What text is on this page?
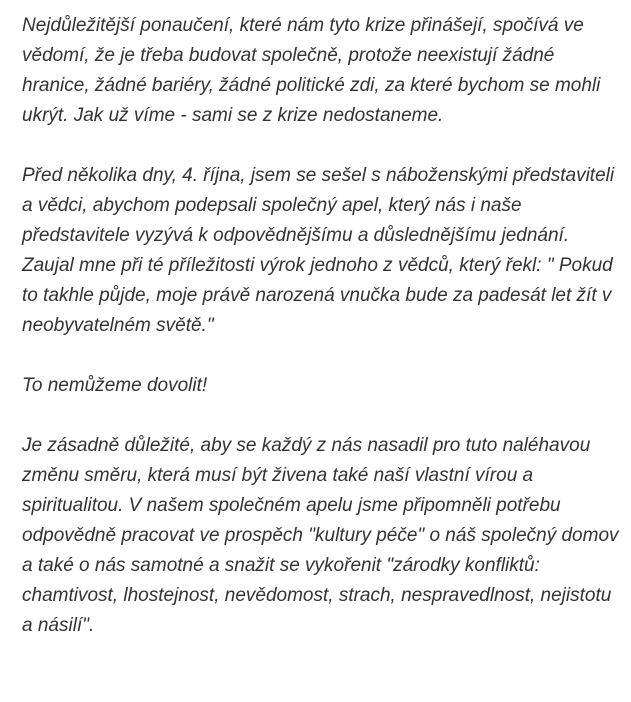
Nejdůležitější ponaučení, které nám tyto krize přinášejí, spočívá ve vědomí, že je třeba budovat společně, protože neexistují žádné hranice, žádné bariéry, žádné politické zdi, za které bychom se mohli ukrýt. Jak už víme - sami se z krize nedostaneme.

Před několika dny, 4. října, jsem se sešel s náboženskými představiteli a vědci, abychom podepsali společný apel, který nás i naše představitele vyzývá k odpovědnějšímu a důslednějšímu jednání. Zaujal mne při té příležitosti výrok jednoho z vědců, který řekl: " Pokud to takhle půjde, moje právě narozená vnučka bude za padesát let žít v neobyvatelném světě."

To nemůžeme dovolit!

Je zásadně důležité, aby se každý z nás nasadil pro tuto naléhavou změnu směru, která musí být živena také naší vlastní vírou a spiritualitou. V našem společném apelu jsme připomněli potřebu odpovědně pracovat ve prospěch "kultury péče" o náš společný domov a také o nás samotné a snažit se vykořenit "zárodky konfliktů: chamtivost, lhostejnost, nevědomost, strach, nespravedlnost, nejistotu a násilí".
